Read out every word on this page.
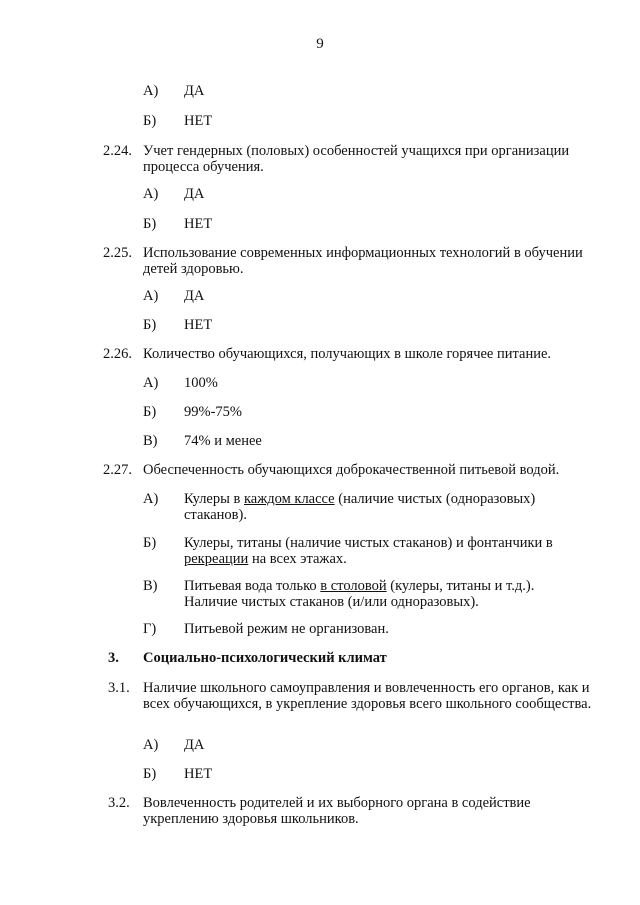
9
А) ДА
Б) НЕТ
2.24. Учет гендерных (половых) особенностей учащихся при организации процесса обучения.
А) ДА
Б) НЕТ
2.25. Использование современных информационных технологий в обучении детей здоровью.
А) ДА
Б) НЕТ
2.26. Количество обучающихся, получающих в школе горячее питание.
А) 100%
Б) 99%-75%
В) 74% и менее
2.27. Обеспеченность обучающихся доброкачественной питьевой водой.
А) Кулеры в каждом классе (наличие чистых (одноразовых) стаканов).
Б) Кулеры, титаны (наличие чистых стаканов) и фонтанчики в рекреации на всех этажах.
В) Питьевая вода только в столовой (кулеры, титаны и т.д.). Наличие чистых стаканов (и/или одноразовых).
Г) Питьевой режим не организован.
3. Социально-психологический климат
3.1. Наличие школьного самоуправления и вовлеченность его органов, как и всех обучающихся, в укрепление здоровья всего школьного сообщества.
А) ДА
Б) НЕТ
3.2. Вовлеченность родителей и их выборного органа в содействие укреплению здоровья школьников.
